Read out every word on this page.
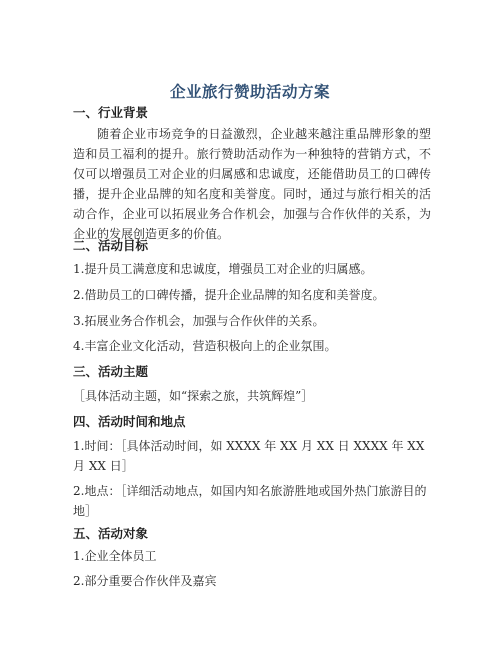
企业旅行赞助活动方案
一、行业背景
随着企业市场竞争的日益激烈，企业越来越注重品牌形象的塑造和员工福利的提升。旅行赞助活动作为一种独特的营销方式，不仅可以增强员工对企业的归属感和忠诚度，还能借助员工的口碑传播，提升企业品牌的知名度和美誉度。同时，通过与旅行相关的活动合作，企业可以拓展业务合作机会，加强与合作伙伴的关系，为企业的发展创造更多的价值。
二、活动目标
1.提升员工满意度和忠诚度，增强员工对企业的归属感。
2.借助员工的口碑传播，提升企业品牌的知名度和美誉度。
3.拓展业务合作机会，加强与合作伙伴的关系。
4.丰富企业文化活动，营造积极向上的企业氛围。
三、活动主题
［具体活动主题，如“探索之旅，共筑辉煌”］
四、活动时间和地点
1.时间：［具体活动时间，如 XXXX 年 XX 月 XX 日 XXXX 年 XX 月 XX 日］
2.地点：［详细活动地点，如国内知名旅游胜地或国外热门旅游目的地］
五、活动对象
1.企业全体员工
2.部分重要合作伙伴及嘉宾
